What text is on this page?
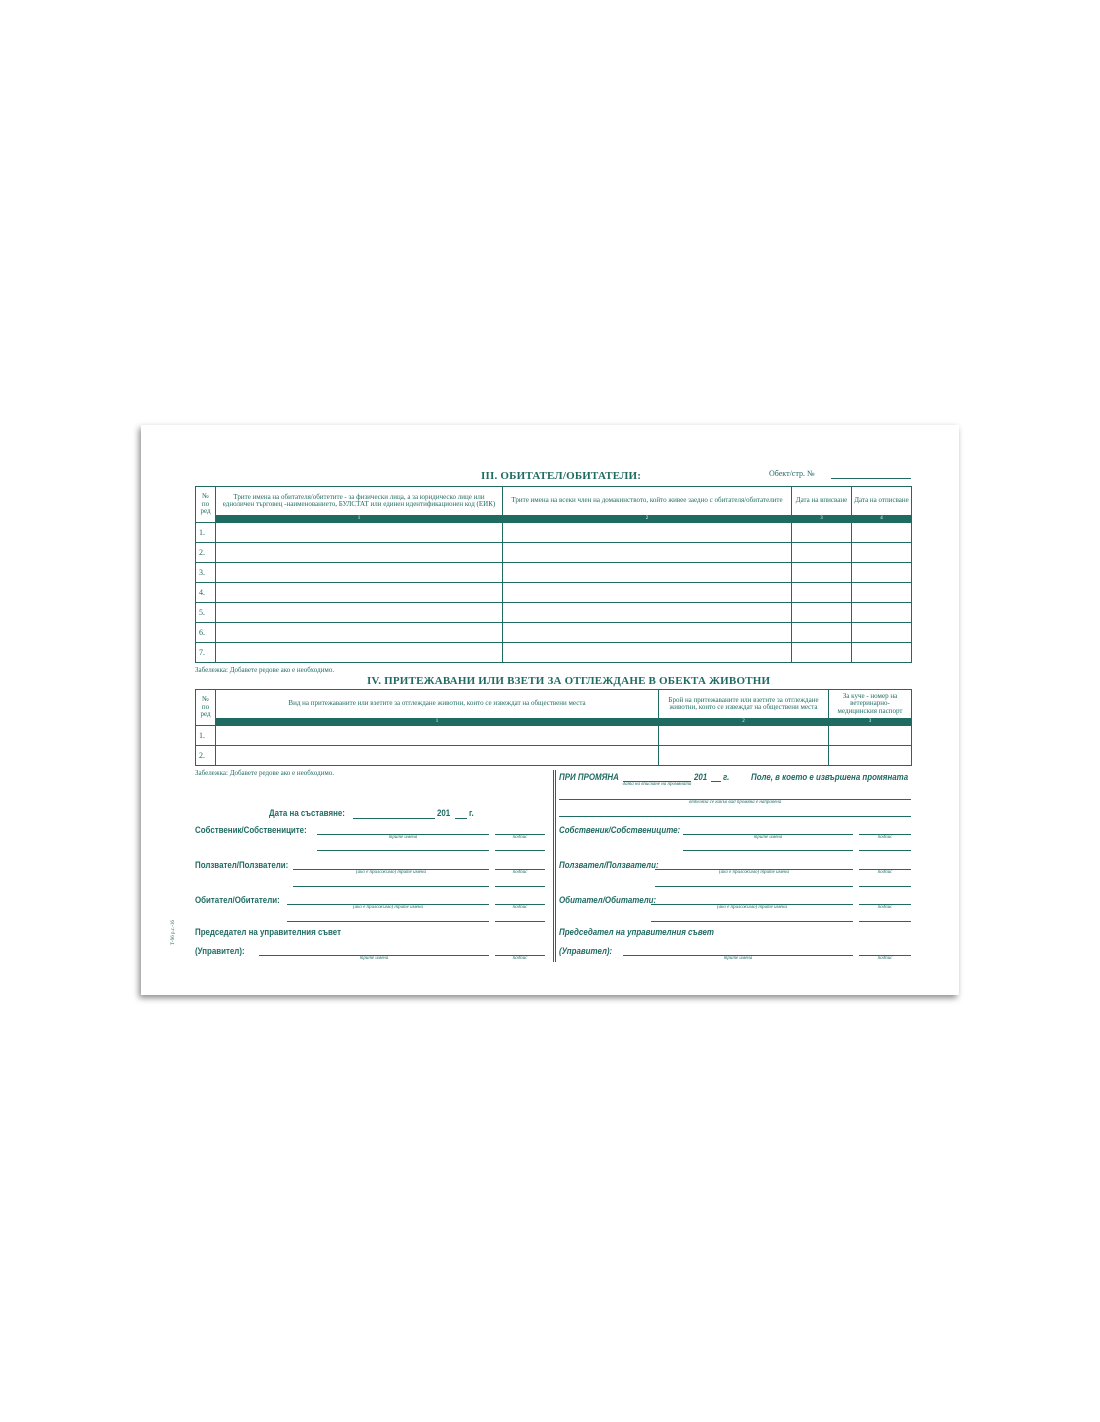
III. ОБИТАТЕЛ/ОБИТАТЕЛИ:	Обект/стр. №
№ по ред	Трите имена на обитателя/обитетите - за физически лица, а за юридическо лице или едноличен търговец -наименованието, БУЛСТАТ или единен идентификационен код (ЕИК)	Трите имена на всеки член на домакинството, който живее заедно с обитателя/обитателите	Дата на вписване	Дата на отписване
	1	2	3	4
1.				
2.				
3.				
4.				
5.				
6.				
7.				
Забележка: Добавете редове ако е необходимо.
IV. ПРИТЕЖАВАНИ ИЛИ ВЗЕТИ ЗА ОТГЛЕЖДАНЕ В ОБЕКТА ЖИВОТНИ
№ по ред	Вид на притежаваните или взетите за отглеждане животни, които се извеждат на обществени места	Брой на притежаваните или взетите за отглеждане животни, които се извеждат на обществени места	За куче - номер на ветеринарно-медицинския паспорт
	1	2	3
1.			
2.			
Забележка: Добавете редове ако е необходимо.
Дата на съставяне:	201 г.
Собственик/Собствениците:
трите имена	подпис
Ползвател/Ползватели:
(ако е приложимо) трите имена	подпис
Обитател/Обитатели:
(ако е приложимо) трите имена	подпис
Председател на управителния съвет
(Управител):
трите имена	подпис
ПРИ ПРОМЯНА
дата на вписване на промяната
201 г. Поле, в което е извършена промяната
отбеляза се какъв вид промяна е направена
Собственик/Собствениците:
трите имена	подпис
Ползвател/Ползватели:
(ако е приложимо) трите имена	подпис
Обитател/Обитатели:
(ако е приложимо) трите имена	подпис
Председател на управителния съвет
(Управител):
трите имена	подпис
Т-96 р.с.-16
